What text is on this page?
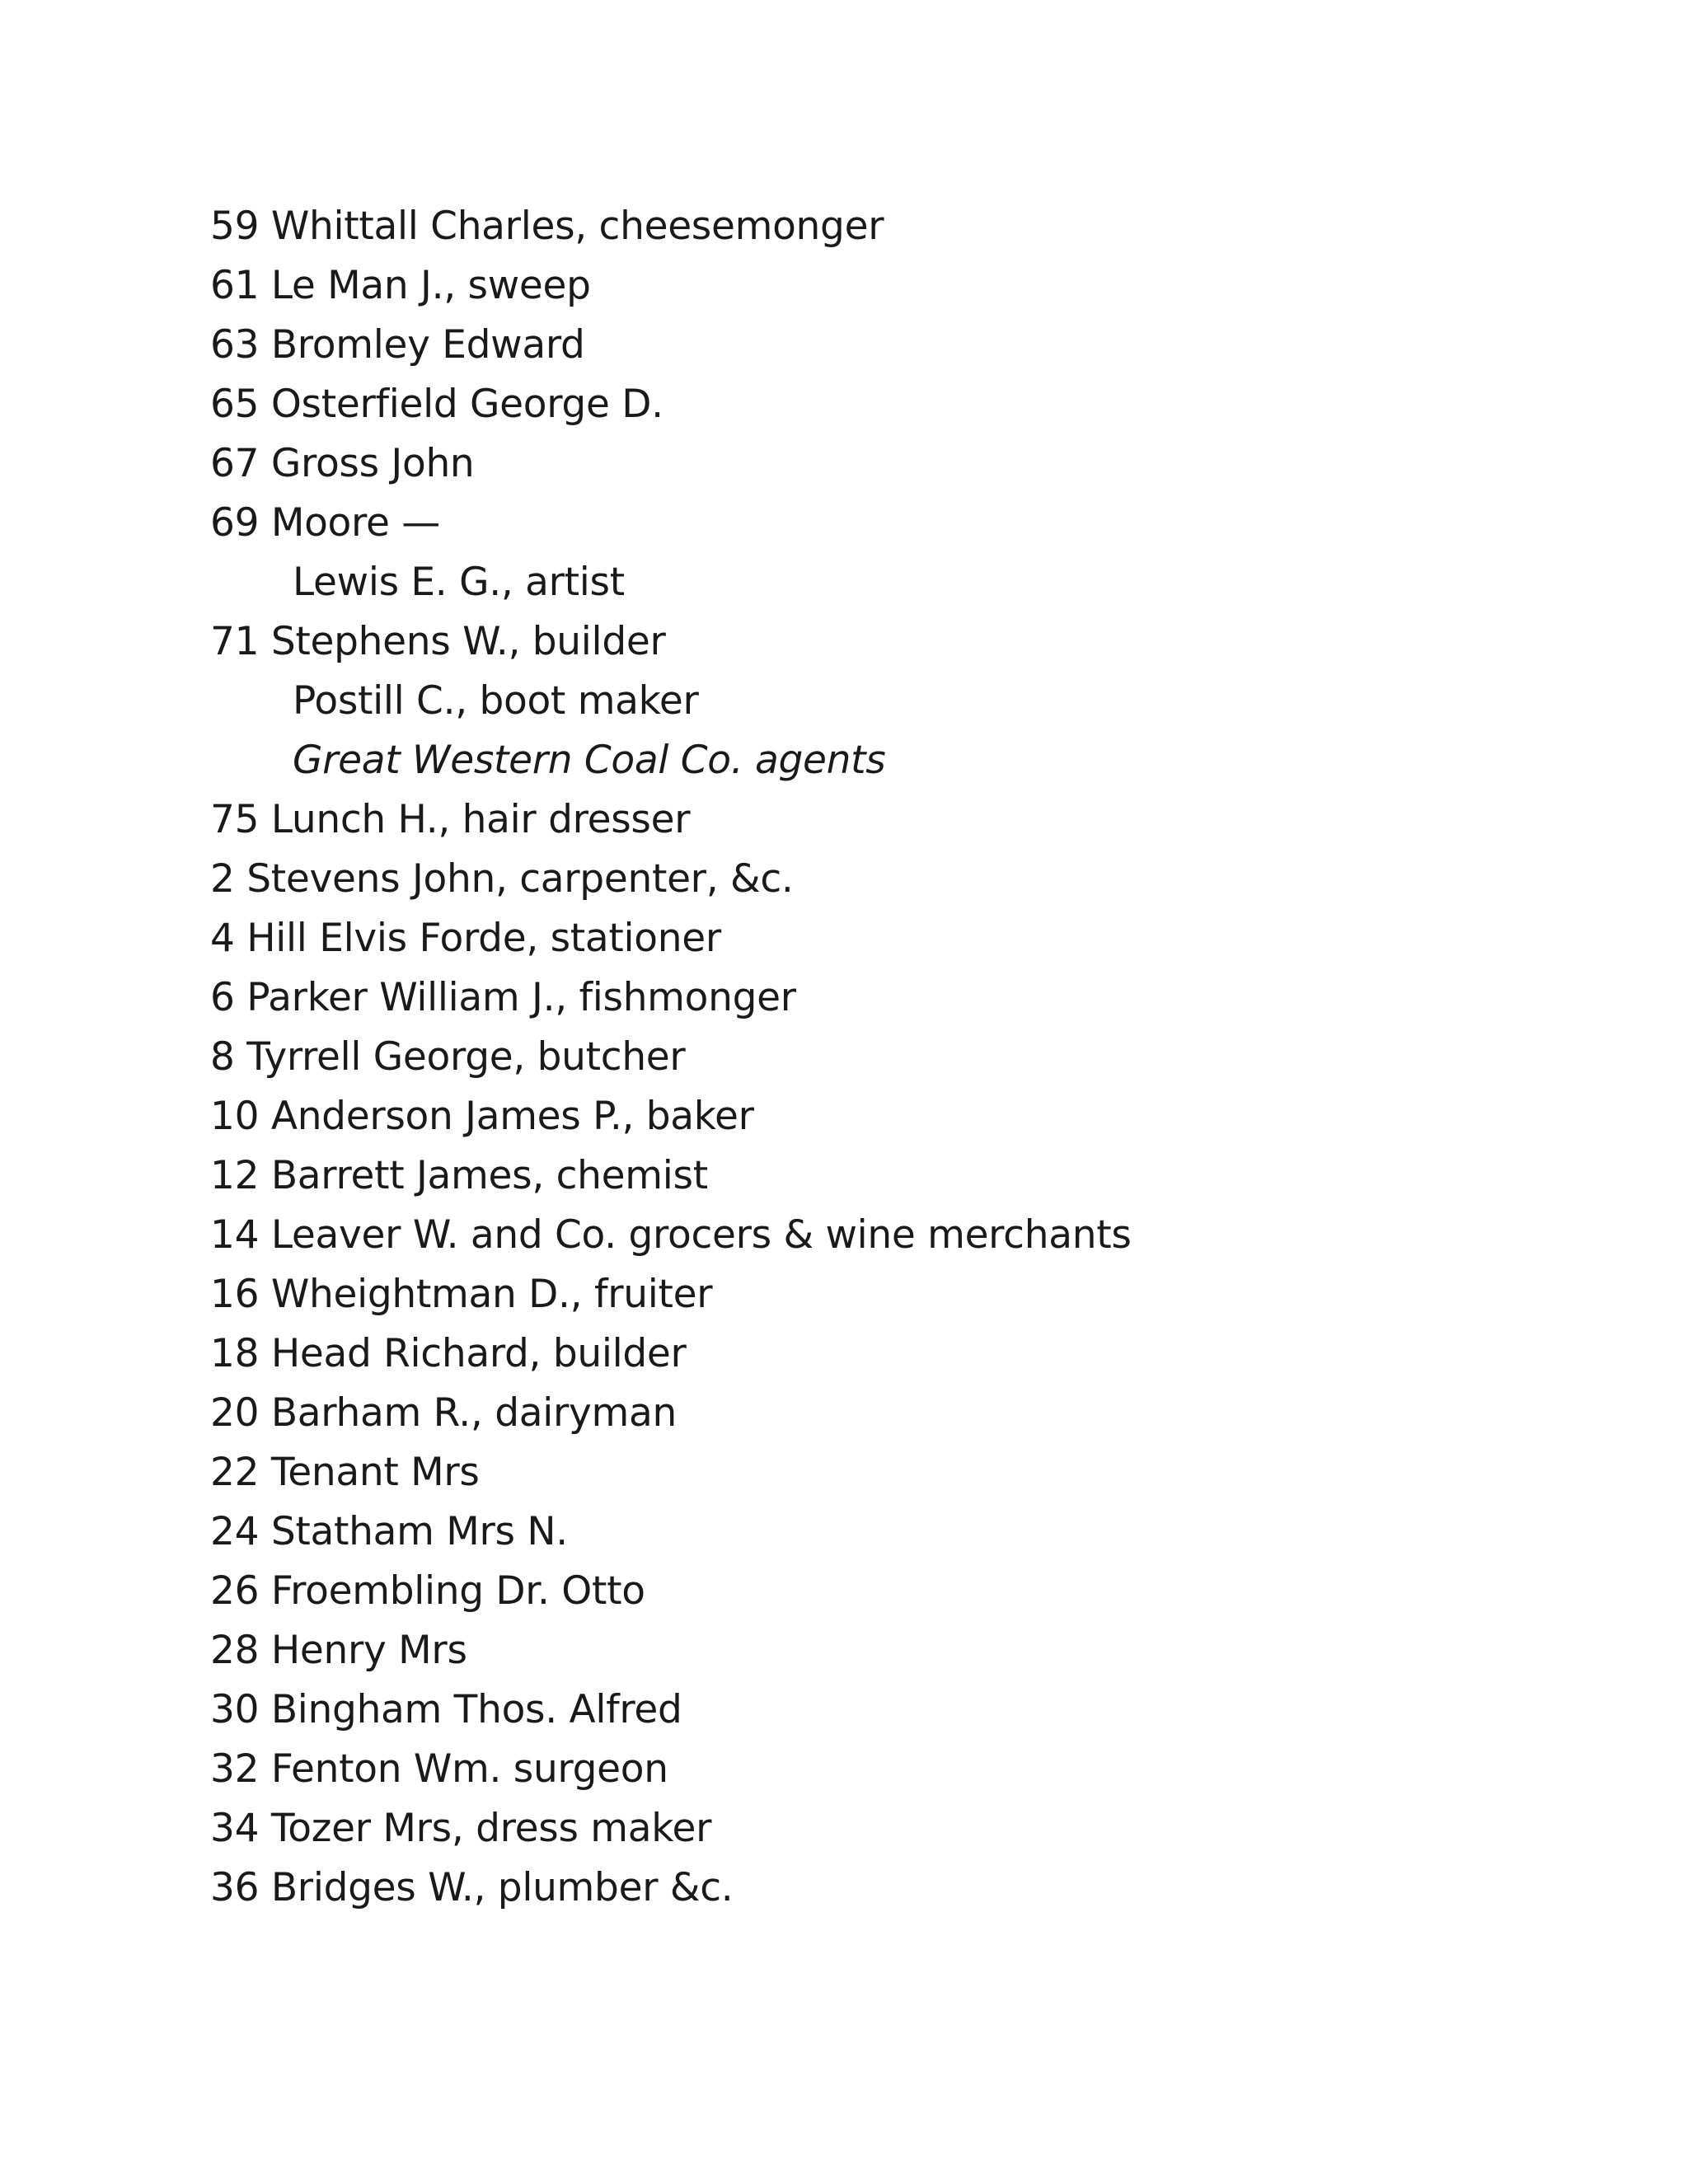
59 Whittall Charles, cheesemonger
61 Le Man J., sweep
63 Bromley Edward
65 Osterfield George D.
67 Gross John
69 Moore —
Lewis E. G., artist
71 Stephens W., builder
Postill C., boot maker
Great Western Coal Co. agents
75 Lunch H., hair dresser
2 Stevens John, carpenter, &c.
4 Hill Elvis Forde, stationer
6 Parker William J., fishmonger
8 Tyrrell George, butcher
10 Anderson James P., baker
12 Barrett James, chemist
14 Leaver W. and Co. grocers & wine merchants
16 Wheightman D., fruiter
18 Head Richard, builder
20 Barham R., dairyman
22 Tenant Mrs
24 Statham Mrs N.
26 Froembling Dr. Otto
28 Henry Mrs
30 Bingham Thos. Alfred
32 Fenton Wm. surgeon
34 Tozer Mrs, dress maker
36 Bridges W., plumber &c.
